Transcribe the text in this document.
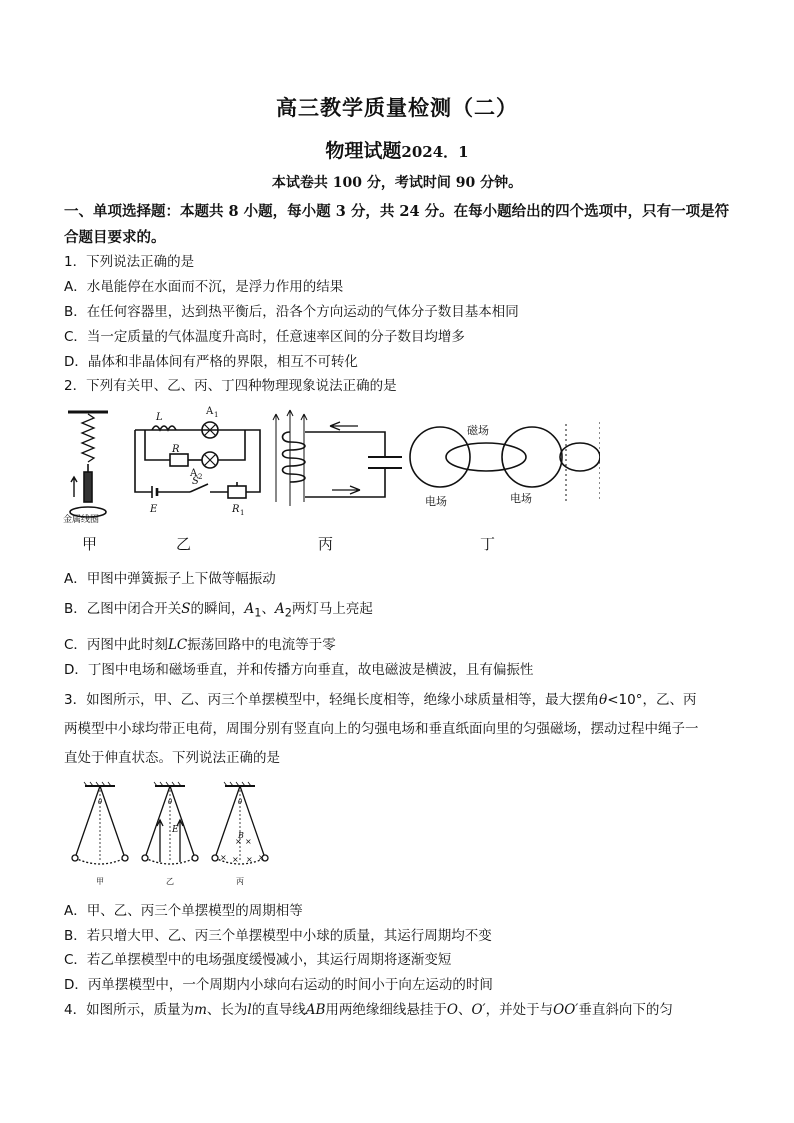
高三教学质量检测（二）
物理试题2024．1
本试卷共 100 分，考试时间 90 分钟。
一、单项选择题：本题共 8 小题，每小题 3 分，共 24 分。在每小题给出的四个选项中，只有一项是符合题目要求的。
1．下列说法正确的是
A．水黾能停在水面而不沉，是浮力作用的结果
B．在任何容器里，达到热平衡后，沿各个方向运动的气体分子数目基本相同
C．当一定质量的气体温度升高时，任意速率区间的分子数目均增多
D．晶体和非晶体间有严格的界限，相互不可转化
2．下列有关甲、乙、丙、丁四种物理现象说法正确的是
金属线圈
L
A 1
A 2
R
E
S
R 1
磁场
电场	电场
甲	乙	丙	丁
A．甲图中弹簧振子上下做等幅振动
B．乙图中闭合开关S的瞬间，$A_1$、$A_2$两灯马上亮起
C．丙图中此时刻LC振荡回路中的电流等于零
D．丁图中电场和磁场垂直，并和传播方向垂直，故电磁波是横波，且有偏振性
3．如图所示，甲、乙、丙三个单摆模型中，轻绳长度相等，绝缘小球质量相等，最大摆角θ<10°，乙、丙
两模型中小球均带正电荷，周围分别有竖直向上的匀强电场和垂直纸面向里的匀强磁场，摆动过程中绳子一
直处于伸直状态。下列说法正确的是
× ×
× × × ×
θ	θ
E
θ
B
甲	乙	丙
A．甲、乙、丙三个单摆模型的周期相等
B．若只增大甲、乙、丙三个单摆模型中小球的质量，其运行周期均不变
C．若乙单摆模型中的电场强度缓慢减小，其运行周期将逐渐变短
D．丙单摆模型中，一个周期内小球向右运动的时间小于向左运动的时间
4．如图所示，质量为m、长为l的直导线AB用两绝缘细线悬挂于O、O′，并处于与OO′垂直斜向下的匀
